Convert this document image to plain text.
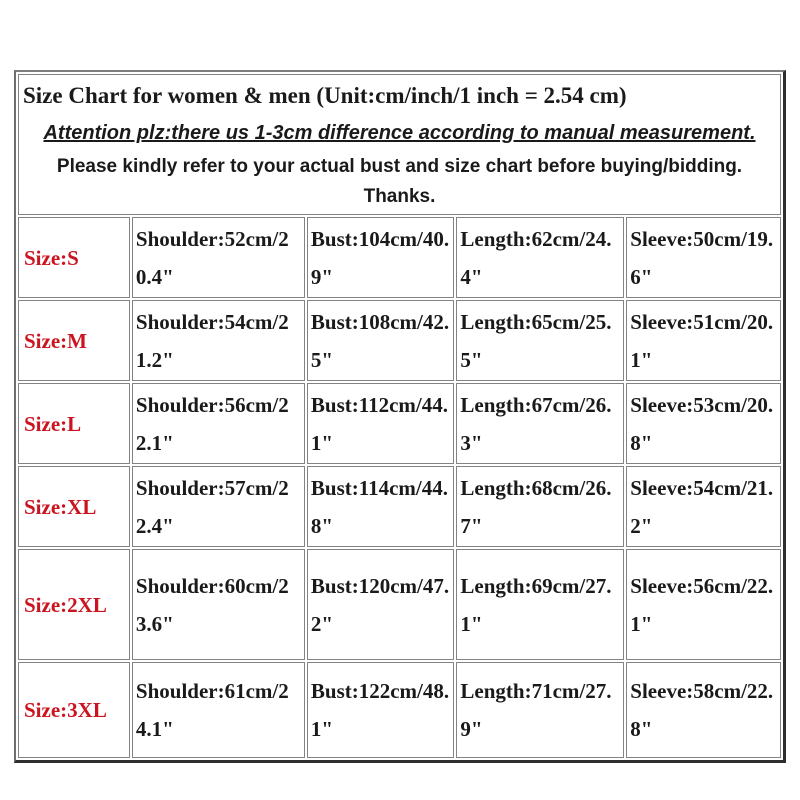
Size Chart for women & men (Unit:cm/inch/1 inch = 2.54 cm)
Attention plz:there us 1-3cm difference according to manual measurement.
Please kindly refer to your actual bust and size chart before buying/bidding.
Thanks.				

Size:S	Shoulder:52cm/20.4"	Bust:104cm/40.9"	Length:62cm/24.4"	Sleeve:50cm/19.6"
Size:M	Shoulder:54cm/21.2"	Bust:108cm/42.5"	Length:65cm/25.5"	Sleeve:51cm/20.1"
Size:L	Shoulder:56cm/22.1"	Bust:112cm/44.1"	Length:67cm/26.3"	Sleeve:53cm/20.8"
Size:XL	Shoulder:57cm/22.4"	Bust:114cm/44.8"	Length:68cm/26.7"	Sleeve:54cm/21.2"
Size:2XL	Shoulder:60cm/23.6"	Bust:120cm/47.2"	Length:69cm/27.1"	Sleeve:56cm/22.1"
Size:3XL	Shoulder:61cm/24.1"	Bust:122cm/48.1"	Length:71cm/27.9"	Sleeve:58cm/22.8"
